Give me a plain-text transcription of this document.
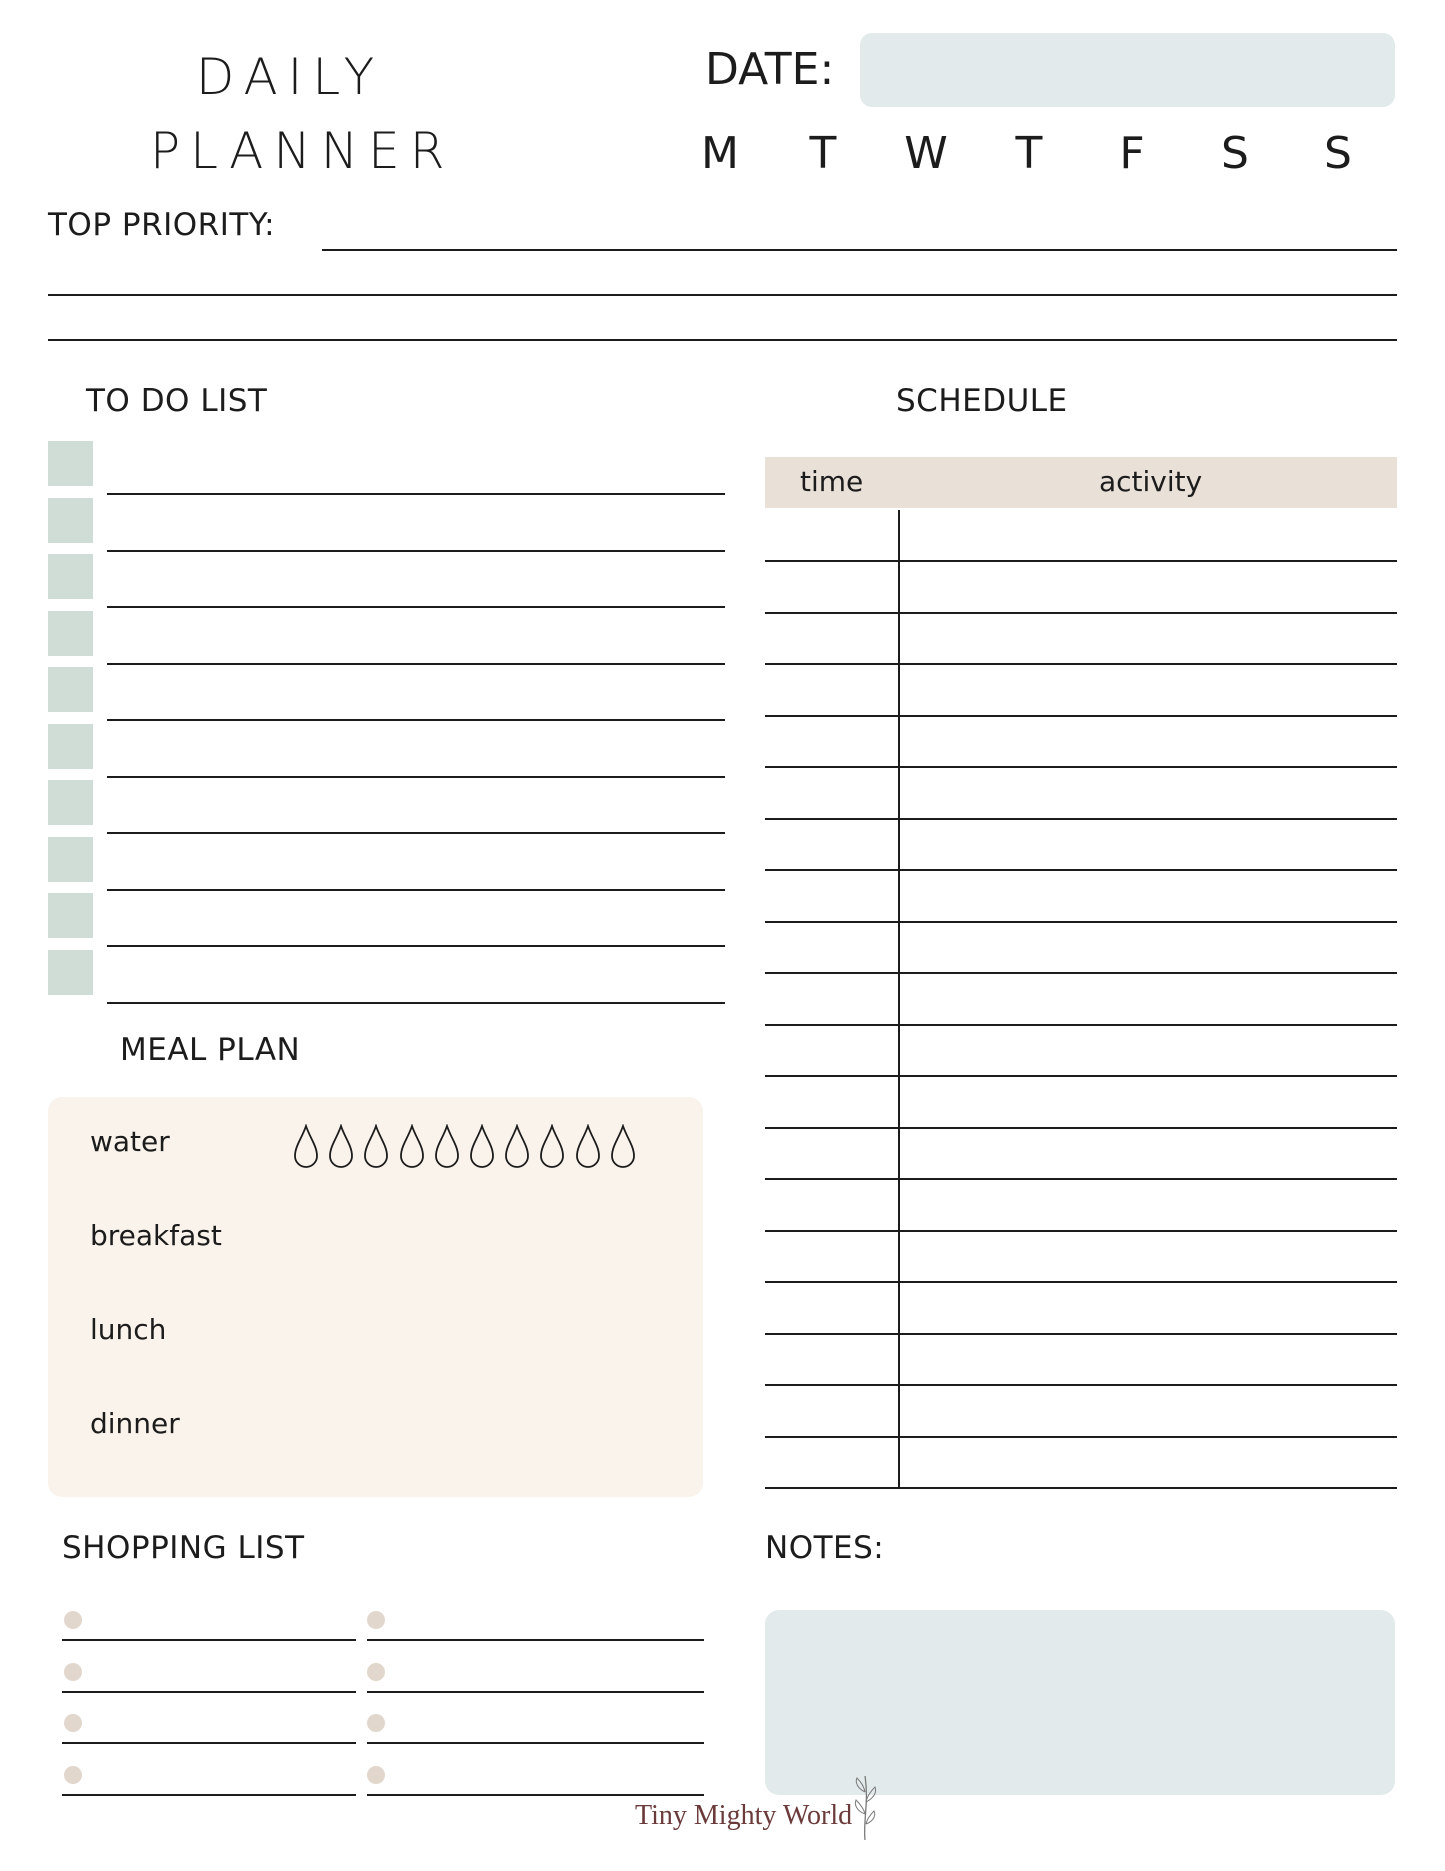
DAILY
PLANNER
DATE:
M	T	W	T	F	S	S
TOP PRIORITY:
TO DO LIST	SCHEDULE
time	activity
MEAL PLAN
water
breakfast
lunch
dinner
SHOPPING LIST	NOTES:
Tiny Mighty World
